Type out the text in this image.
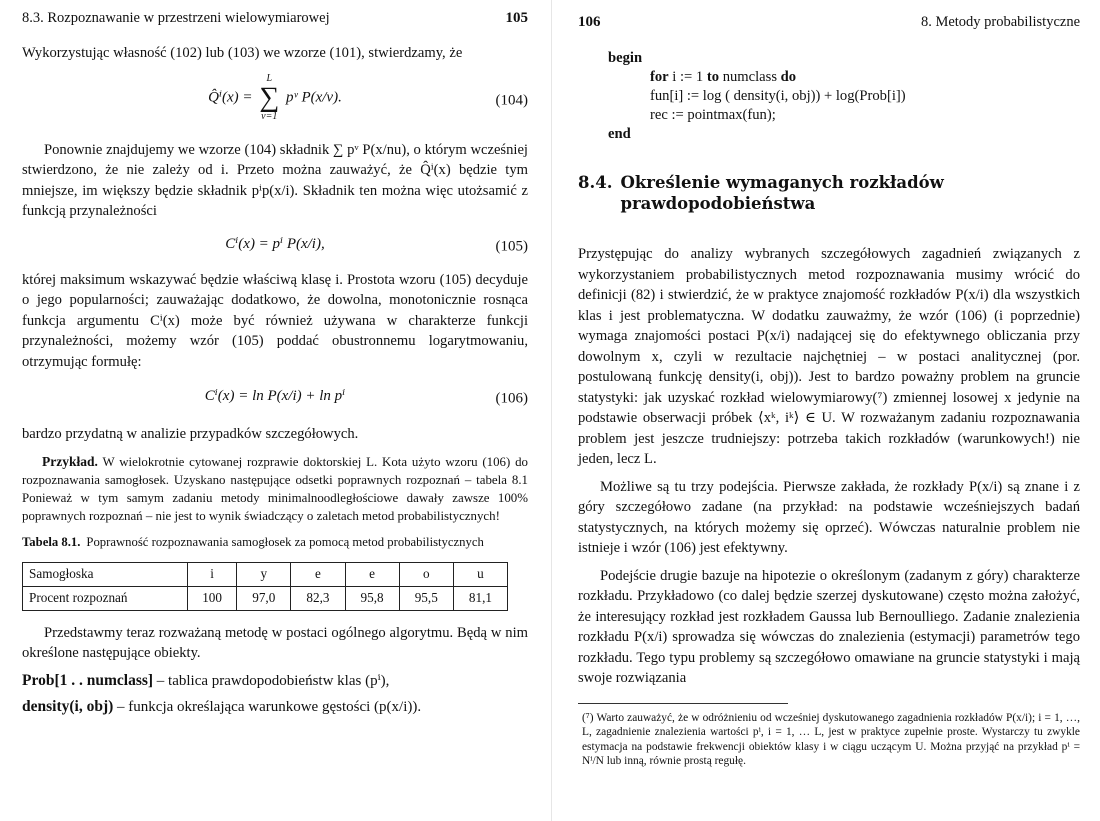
8.3. Rozpoznawanie w przestrzeni wielowymiarowej	105

Wykorzystując własność (102) lub (103) we wzorze (101), stwierdzamy, że

Q̂ⁱ(x) =
L
∑
ν=1
pᵛ P(x/ν).	(104)

Ponownie znajdujemy we wzorze (104) składnik ∑ pᵛ P(x/nu), o którym wcześniej stwierdzono, że nie zależy od i. Przeto można zauważyć, że Q̂ⁱ(x) będzie tym mniejsze, im większy będzie składnik pⁱp(x/i). Składnik ten można więc utożsamić z funkcją przynależności

Cⁱ(x) = pⁱ P(x/i),	(105)

której maksimum wskazywać będzie właściwą klasę i. Prostota wzoru (105) decyduje o jego popularności; zauważając dodatkowo, że dowolna, monotonicznie rosnąca funkcja argumentu Cⁱ(x) może być również używana w charakterze funkcji przynależności, możemy wzór (105) poddać obustronnemu logarytmowaniu, otrzymując formułę:

Cⁱ(x) = ln P(x/i) + ln pⁱ	(106)

bardzo przydatną w analizie przypadków szczegółowych.

Przykład. W wielokrotnie cytowanej rozprawie doktorskiej L. Kota użyto wzoru (106) do rozpoznawania samogłosek. Uzyskano następujące odsetki poprawnych rozpoznań – tabela 8.1 Ponieważ w tym samym zadaniu metody minimalnoodległościowe dawały zawsze 100% poprawnych rozpoznań – nie jest to wynik świadczący o zaletach metod probabilistycznych!
Tabela 8.1. Poprawność rozpoznawania samogłosek za pomocą metod probabilistycznych
Samogłoska	i	y	e	e	o	u
Procent rozpoznań	100	97,0	82,3	95,8	95,5	81,1

Przedstawmy teraz rozważaną metodę w postaci ogólnego algorytmu. Będą w nim określone następujące obiekty.

Prob[1 . . numclass] – tablica prawdopodobieństw klas (pⁱ),
density(i, obj) – funkcja określająca warunkowe gęstości (p(x/i)).
106	8. Metody probabilistyczne
begin
for i := 1 to numclass do
fun[i] := log ( density(i, obj)) + log(Prob[i])
rec := pointmax(fun);
end
8.4. Określenie wymaganych rozkładów prawdopodobieństwa

Przystępując do analizy wybranych szczegółowych zagadnień związanych z wykorzystaniem probabilistycznych metod rozpoznawania musimy wrócić do definicji (82) i stwierdzić, że w praktyce znajomość rozkładów P(x/i) dla wszystkich klas i jest problematyczna. W dodatku zauważmy, że wzór (106) (i poprzednie) wymaga znajomości postaci P(x/i) nadającej się do efektywnego obliczania przy dowolnym x, czyli w rezultacie najchętniej – w postaci analitycznej (por. postulowaną funkcję density(i, obj)). Jest to bardzo poważny problem na gruncie statystyki: jak uzyskać rozkład wielowymiarowy(⁷) zmiennej losowej x jedynie na podstawie obserwacji próbek ⟨xᵏ, iᵏ⟩ ∈ U. W rozważanym zadaniu rozpoznawania problem jest jeszcze trudniejszy: potrzeba takich rozkładów (warunkowych!) nie jeden, lecz L.

Możliwe są tu trzy podejścia. Pierwsze zakłada, że rozkłady P(x/i) są znane i z góry szczegółowo zadane (na przykład: na podstawie wcześniejszych badań statystycznych, na których możemy się oprzeć). Wówczas naturalnie problem nie istnieje i wzór (106) jest efektywny.

Podejście drugie bazuje na hipotezie o określonym (zadanym z góry) charakterze rozkładu. Przykładowo (co dalej będzie szerzej dyskutowane) często można założyć, że interesujący rozkład jest rozkładem Gaussa lub Bernoulliego. Zadanie znalezienia rozkładu P(x/i) sprowadza się wówczas do znalezienia (estymacji) parametrów tego rozkładu. Tego typu problemy są szczegółowo omawiane na gruncie statystyki i mają swoje rozwiązania

(⁷) Warto zauważyć, że w odróżnieniu od wcześniej dyskutowanego zagadnienia rozkładów P(x/i); i = 1, …, L, zagadnienie znalezienia wartości pⁱ, i = 1, … L, jest w praktyce zupełnie proste. Wystarczy tu zwykle estymacja na podstawie frekwencji obiektów klasy i w ciągu uczącym U. Można przyjąć na przykład pⁱ = Nⁱ/N lub inną, równie prostą regułę.
